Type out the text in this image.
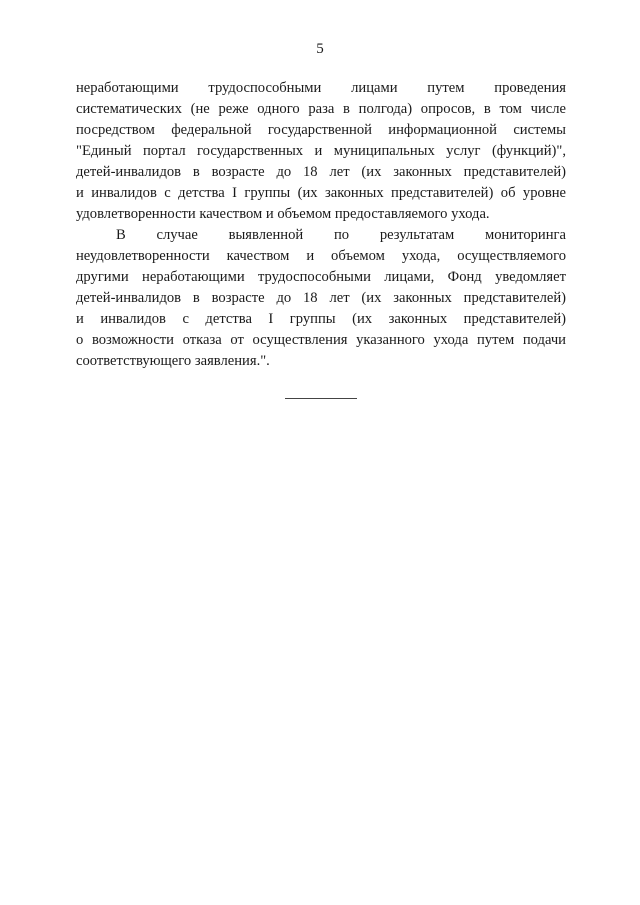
5
неработающими трудоспособными лицами путем проведения
систематических (не реже одного раза в полгода) опросов, в том числе
посредством федеральной государственной информационной системы
"Единый портал государственных и муниципальных услуг (функций)",
детей-инвалидов в возрасте до 18 лет (их законных представителей)
и инвалидов с детства I группы (их законных представителей) об уровне
удовлетворенности качеством и объемом предоставляемого ухода.
В случае выявленной по результатам мониторинга
неудовлетворенности качеством и объемом ухода, осуществляемого
другими неработающими трудоспособными лицами, Фонд уведомляет
детей-инвалидов в возрасте до 18 лет (их законных представителей)
и инвалидов с детства I группы (их законных представителей)
о возможности отказа от осуществления указанного ухода путем подачи
соответствующего заявления.".
